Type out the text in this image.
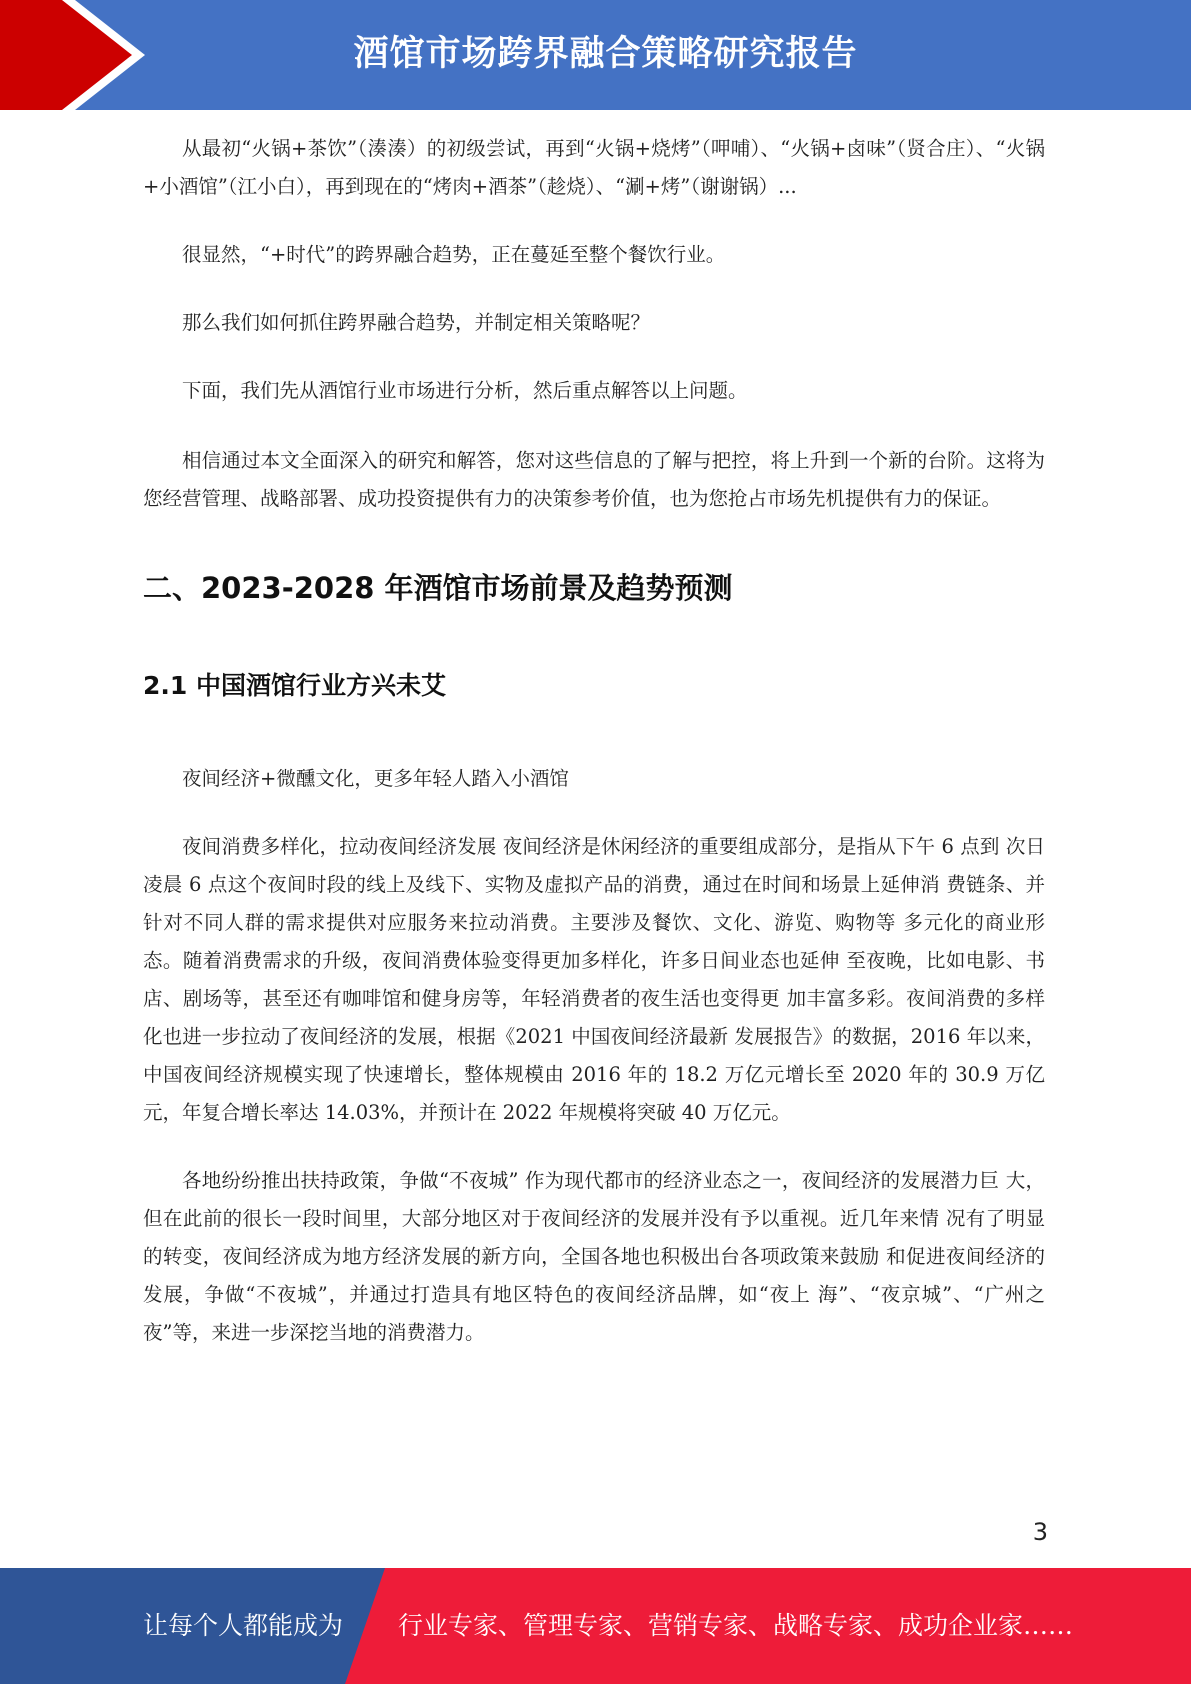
酒馆市场跨界融合策略研究报告

从最初“火锅+茶饮”（湊湊）的初级尝试，再到“火锅+烧烤”（呷哺）、“火锅+卤味”（贤合庄）、“火锅+小酒馆”（江小白），再到现在的“烤肉+酒茶”（趁烧）、“涮+烤”（谢谢锅）...

很显然，“+时代”的跨界融合趋势，正在蔓延至整个餐饮行业。

那么我们如何抓住跨界融合趋势，并制定相关策略呢？

下面，我们先从酒馆行业市场进行分析，然后重点解答以上问题。

相信通过本文全面深入的研究和解答，您对这些信息的了解与把控，将上升到一个新的台阶。这将为您经营管理、战略部署、成功投资提供有力的决策参考价值，也为您抢占市场先机提供有力的保证。

二、2023-2028 年酒馆市场前景及趋势预测
2.1 中国酒馆行业方兴未艾

夜间经济+微醺文化，更多年轻人踏入小酒馆

夜间消费多样化，拉动夜间经济发展 夜间经济是休闲经济的重要组成部分，是指从下午 6 点到 次日凌晨 6 点这个夜间时段的线上及线下、实物及虚拟产品的消费，通过在时间和场景上延伸消 费链条、并针对不同人群的需求提供对应服务来拉动消费。主要涉及餐饮、文化、游览、购物等 多元化的商业形态。随着消费需求的升级，夜间消费体验变得更加多样化，许多日间业态也延伸 至夜晚，比如电影、书店、剧场等，甚至还有咖啡馆和健身房等，年轻消费者的夜生活也变得更 加丰富多彩。夜间消费的多样化也进一步拉动了夜间经济的发展，根据《2021 中国夜间经济最新 发展报告》的数据，2016 年以来，中国夜间经济规模实现了快速增长，整体规模由 2016 年的 18.2 万亿元增长至 2020 年的 30.9 万亿元，年复合增长率达 14.03%，并预计在 2022 年规模将突破 40 万亿元。

各地纷纷推出扶持政策，争做“不夜城” 作为现代都市的经济业态之一，夜间经济的发展潜力巨 大，但在此前的很长一段时间里，大部分地区对于夜间经济的发展并没有予以重视。近几年来情 况有了明显的转变，夜间经济成为地方经济发展的新方向，全国各地也积极出台各项政策来鼓励 和促进夜间经济的发展，争做“不夜城”，并通过打造具有地区特色的夜间经济品牌，如“夜上 海”、“夜京城”、“广州之夜”等，来进一步深挖当地的消费潜力。

3
让每个人都能成为 行业专家、管理专家、营销专家、战略专家、成功企业家……
